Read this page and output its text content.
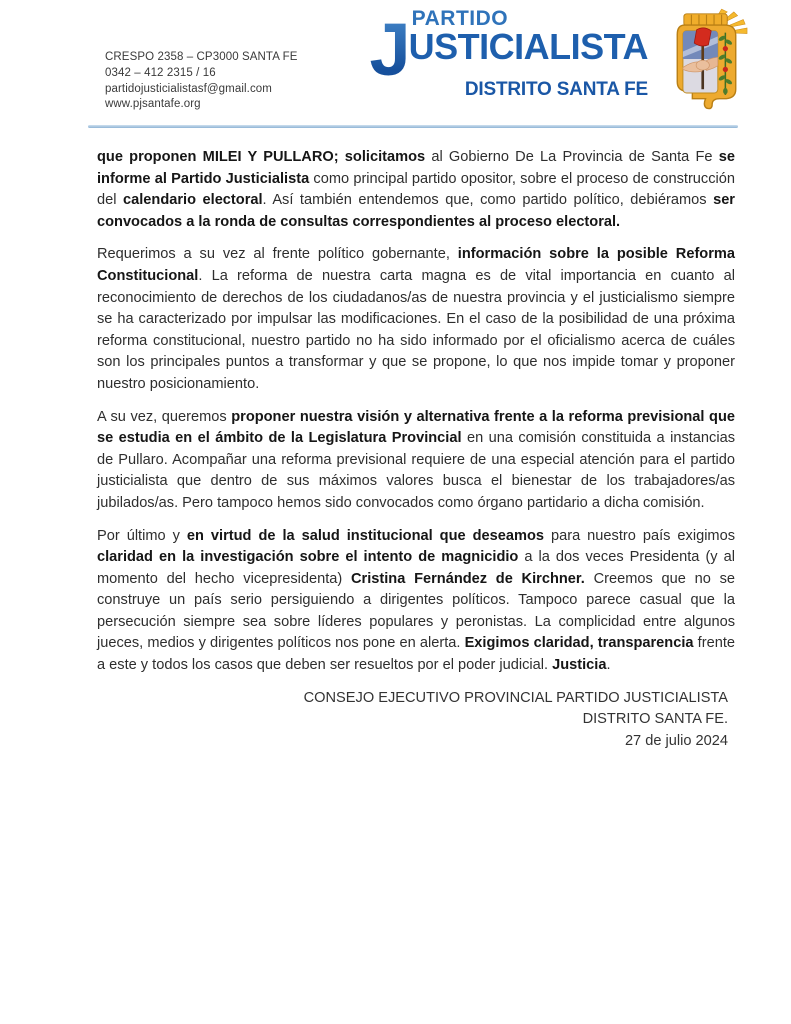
CRESPO 2358 – CP3000 SANTA FE
0342 – 412 2315 / 16
partidojusticialistasf@gmail.com
www.pjsantafe.org
J PARTIDO
USTICIALISTA
DISTRITO SANTA FE

que proponen MILEI Y PULLARO; solicitamos al Gobierno De La Provincia de Santa Fe se informe al Partido Justicialista como principal partido opositor, sobre el proceso de construcción del calendario electoral. Así también entendemos que, como partido político, debiéramos ser convocados a la ronda de consultas correspondientes al proceso electoral.

Requerimos a su vez al frente político gobernante, información sobre la posible Reforma Constitucional. La reforma de nuestra carta magna es de vital importancia en cuanto al reconocimiento de derechos de los ciudadanos/as de nuestra provincia y el justicialismo siempre se ha caracterizado por impulsar las modificaciones. En el caso de la posibilidad de una próxima reforma constitucional, nuestro partido no ha sido informado por el oficialismo acerca de cuáles son los principales puntos a transformar y que se propone, lo que nos impide tomar y proponer nuestro posicionamiento.

A su vez, queremos proponer nuestra visión y alternativa frente a la reforma previsional que se estudia en el ámbito de la Legislatura Provincial en una comisión constituida a instancias de Pullaro. Acompañar una reforma previsional requiere de una especial atención para el partido justicialista que dentro de sus máximos valores busca el bienestar de los trabajadores/as jubilados/as. Pero tampoco hemos sido convocados como órgano partidario a dicha comisión.

Por último y en virtud de la salud institucional que deseamos para nuestro país exigimos claridad en la investigación sobre el intento de magnicidio a la dos veces Presidenta (y al momento del hecho vicepresidenta) Cristina Fernández de Kirchner. Creemos que no se construye un país serio persiguiendo a dirigentes políticos. Tampoco parece casual que la persecución siempre sea sobre líderes populares y peronistas. La complicidad entre algunos jueces, medios y dirigentes políticos nos pone en alerta. Exigimos claridad, transparencia frente a este y todos los casos que deben ser resueltos por el poder judicial. Justicia.

CONSEJO EJECUTIVO PROVINCIAL PARTIDO JUSTICIALISTA
DISTRITO SANTA FE.
27 de julio 2024
